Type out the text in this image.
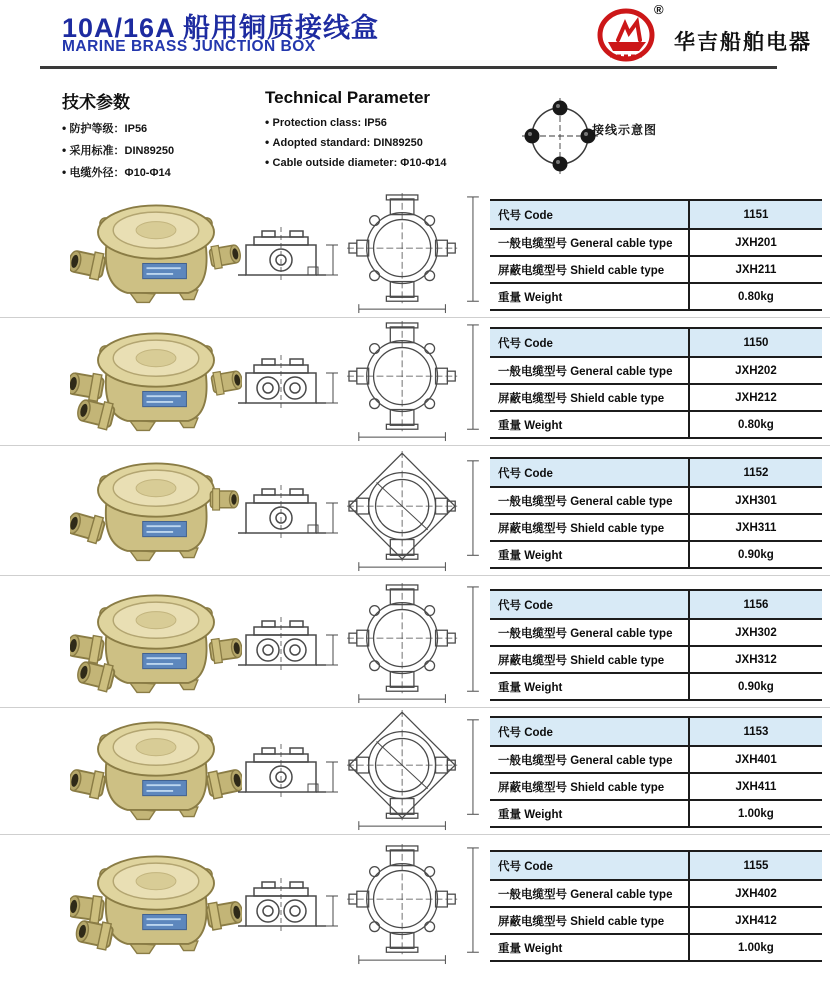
10A/16A 船用铜质接线盒
MARINE BRASS JUNCTION BOX
®
华吉船舶电器
技术参数
• 防护等级：IP56
• 采用标准：DIN89250
• 电缆外径：Φ10-Φ14
Technical Parameter
• Protection class: IP56
• Adopted standard: DIN89250
• Cable outside diameter: Φ10-Φ14
接线示意图
代号 Code	1151
一般电缆型号 General cable type	JXH201
屏蔽电缆型号 Shield cable type	JXH211
重量 Weight	0.80kg
代号 Code	1150
一般电缆型号 General cable type	JXH202
屏蔽电缆型号 Shield cable type	JXH212
重量 Weight	0.80kg
代号 Code	1152
一般电缆型号 General cable type	JXH301
屏蔽电缆型号 Shield cable type	JXH311
重量 Weight	0.90kg
代号 Code	1156
一般电缆型号 General cable type	JXH302
屏蔽电缆型号 Shield cable type	JXH312
重量 Weight	0.90kg
代号 Code	1153
一般电缆型号 General cable type	JXH401
屏蔽电缆型号 Shield cable type	JXH411
重量 Weight	1.00kg
代号 Code	1155
一般电缆型号 General cable type	JXH402
屏蔽电缆型号 Shield cable type	JXH412
重量 Weight	1.00kg
